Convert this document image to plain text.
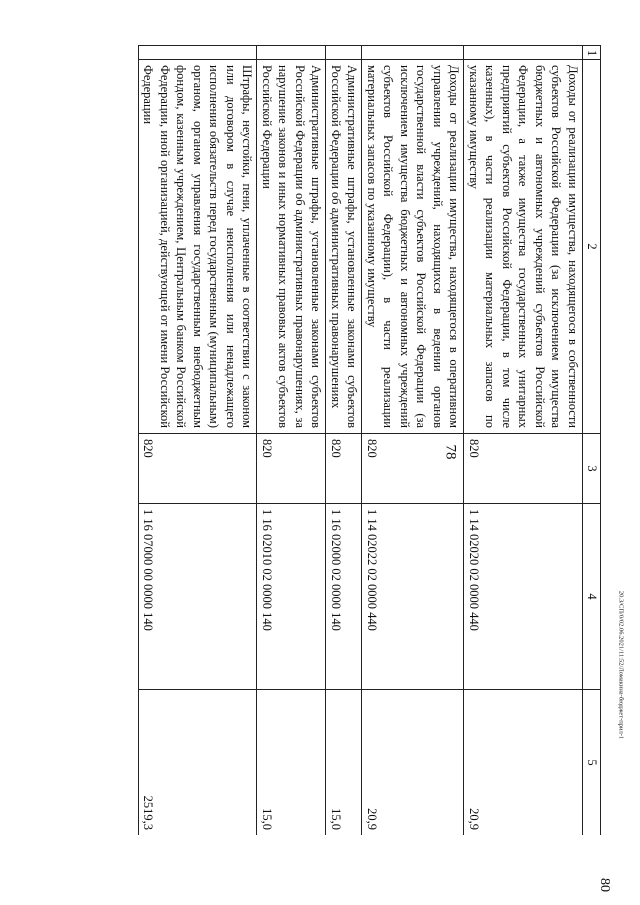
78
1	2	3	4	5
	Доходы от реализации имущества, находящегося в собственности субъектов Российской Федерации (за исключением имущества бюджетных и автономных учреждений субъектов Российской Федерации, а также имущества государственных унитарных предприятий субъектов Российской Федерации, в том числе казенных), в части реализации материальных запасов по указанному имуществу	820	1 14 02020 02 0000 440	20,9
	Доходы от реализации имущества, находящегося в оперативном управлении учреждений, находящихся в ведении органов государственной власти субъектов Российской Федерации (за исключением имущества бюджетных и автономных учреждений субъектов Российской Федерации), в части реализации материальных запасов по указанному имуществу	820	1 14 02022 02 0000 440	20,9
	Административные штрафы, установленные законами субъектов Российской Федерации об административных правонарушениях	820	1 16 02000 02 0000 140	15,0
	Административные штрафы, установленные законами субъектов Российской Федерации об административных правонарушениях, за нарушение законов и иных нормативных правовых актов субъектов Российской Федерации	820	1 16 02010 02 0000 140	15,0
	Штрафы, неустойки, пени, уплаченные в соответствии с законом или договором в случае неисполнения или ненадлежащего исполнения обязательств перед государственным (муниципальным) органом, органом управления государственным внебюджетным фондом, казенным учреждением, Центральным банком Российской Федерации, иной организацией, действующей от имени Российской Федерации	820	1 16 07000 00 0000 140	2519,3
20.3/СП/0/02.06.2021/11:52/Ломакина-бюджет-прил-1
80
